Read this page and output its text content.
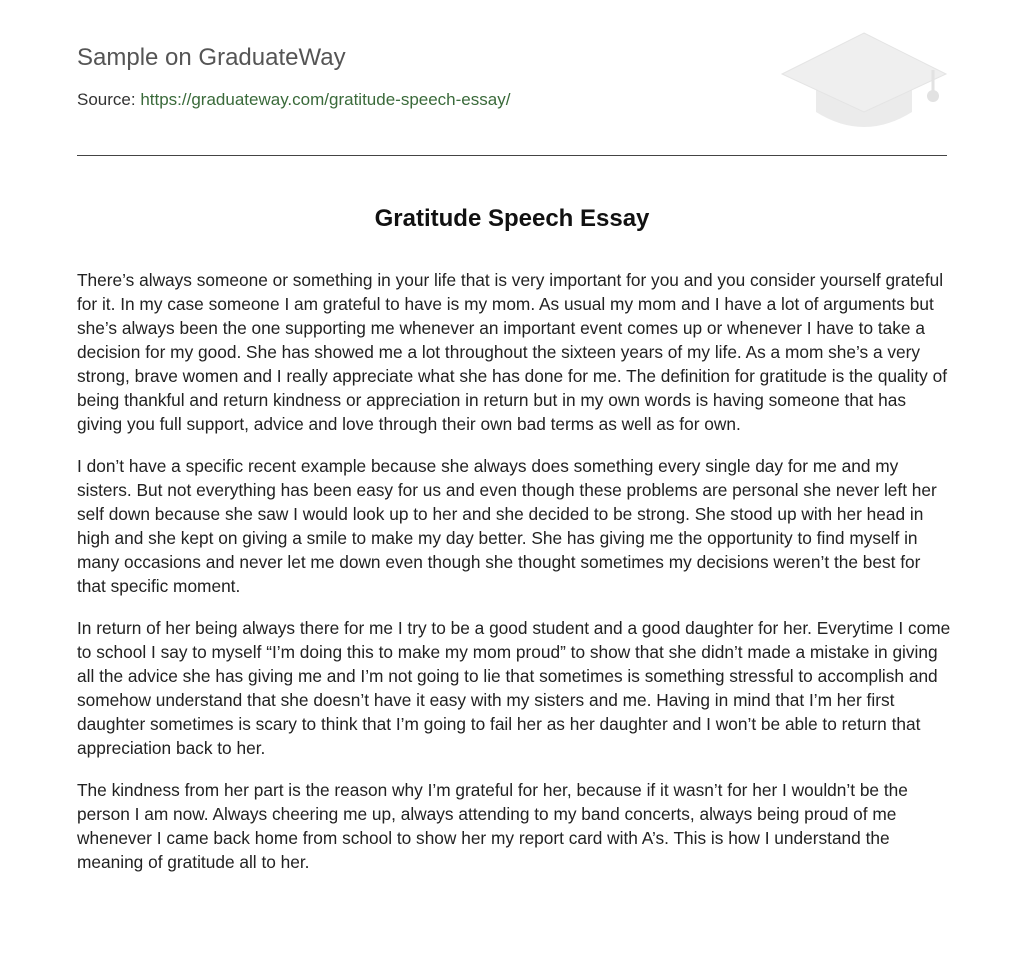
Sample on GraduateWay
Source: https://graduateway.com/gratitude-speech-essay/
Gratitude Speech Essay

There’s always someone or something in your life that is very important for you and you consider yourself grateful for it. In my case someone I am grateful to have is my mom. As usual my mom and I have a lot of arguments but she’s always been the one supporting me whenever an important event comes up or whenever I have to take a decision for my good. She has showed me a lot throughout the sixteen years of my life. As a mom she’s a very strong, brave women and I really appreciate what she has done for me. The definition for gratitude is the quality of being thankful and return kindness or appreciation in return but in my own words is having someone that has giving you full support, advice and love through their own bad terms as well as for own.

I don’t have a specific recent example because she always does something every single day for me and my sisters. But not everything has been easy for us and even though these problems are personal she never left her self down because she saw I would look up to her and she decided to be strong. She stood up with her head in high and she kept on giving a smile to make my day better. She has giving me the opportunity to find myself in many occasions and never let me down even though she thought sometimes my decisions weren’t the best for that specific moment.

In return of her being always there for me I try to be a good student and a good daughter for her. Everytime I come to school I say to myself “I’m doing this to make my mom proud” to show that she didn’t made a mistake in giving all the advice she has giving me and I’m not going to lie that sometimes is something stressful to accomplish and somehow understand that she doesn’t have it easy with my sisters and me. Having in mind that I’m her first daughter sometimes is scary to think that I’m going to fail her as her daughter and I won’t be able to return that appreciation back to her.

The kindness from her part is the reason why I’m grateful for her, because if it wasn’t for her I wouldn’t be the person I am now. Always cheering me up, always attending to my band concerts, always being proud of me whenever I came back home from school to show her my report card with A’s. This is how I understand the meaning of gratitude all to her.
